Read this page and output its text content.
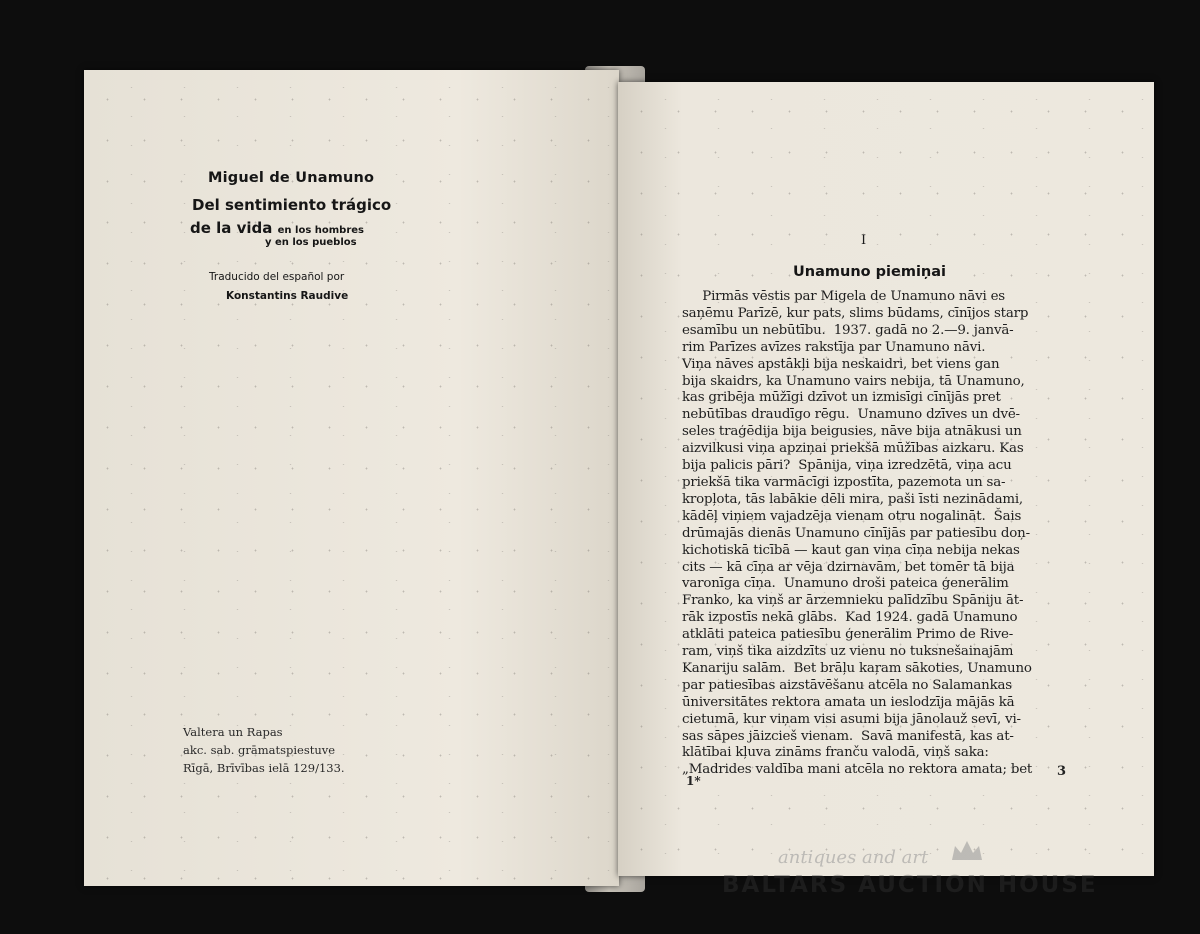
Miguel de Unamuno
Del sentimiento trágico
de la vida en los hombres
y en los pueblos
Traducido del español por
Konstantins Raudive
Valtera un Rapas
akc. sab. grāmatspiestuve
Rīgā, Brīvības ielā 129/133.
I
Unamuno piemiņai
Pirmās vēstis par Migela de Unamuno nāvi es
saņēmu Parīzē, kur pats, slims būdams, cīnījos starp
esamību un nebūtību.  1937. gadā no 2.—9. janvā-
rim Parīzes avīzes rakstīja par Unamuno nāvi.
Viņa nāves apstākļi bija neskaidri, bet viens gan
bija skaidrs, ka Unamuno vairs nebija, tā Unamuno,
kas gribēja mūžīgi dzīvot un izmisīgi cīnījās pret
nebūtības draudīgo rēgu.  Unamuno dzīves un dvē-
seles traģēdija bija beigusies, nāve bija atnākusi un
aizvilkusi viņa apziņai priekšā mūžības aizkaru. Kas
bija palicis pāri?  Spānija, viņa izredzētā, viņa acu
priekšā tika varmācīgi izpostīta, pazemota un sa-
kropļota, tās labākie dēli mira, paši īsti nezinādami,
kādēļ viņiem vajadzēja vienam otru nogalināt.  Šais
drūmajās dienās Unamuno cīnījās par patiesību doņ-
kichotiskā ticībā — kaut gan viņa cīņa nebija nekas
cits — kā cīņa ar vēja dzirnavām, bet tomēr tā bija
varonīga cīņa.  Unamuno droši pateica ģenerālim
Franko, ka viņš ar ārzemnieku palīdzību Spāniju āt-
rāk izpostīs nekā glābs.  Kad 1924. gadā Unamuno
atklāti pateica patiesību ģenerālim Primo de Rive-
ram, viņš tika aizdzīts uz vienu no tuksnešainajām
Kanariju salām.  Bet brāļu kaŗam sākoties, Unamuno
par patiesības aizstāvēšanu atcēla no Salamankas
ūniversitātes rektora amata un ieslodzīja mājās kā
cietumā, kur viņam visi asumi bija jānolauž sevī, vi-
sas sāpes jāizcieš vienam.  Savā manifestā, kas at-
klātībai kļuva zināms franču valodā, viņš saka:
„Madrides valdība mani atcēla no rektora amata; bet
1*
3
antiques and art
BALTARS AUCTION HOUSE
